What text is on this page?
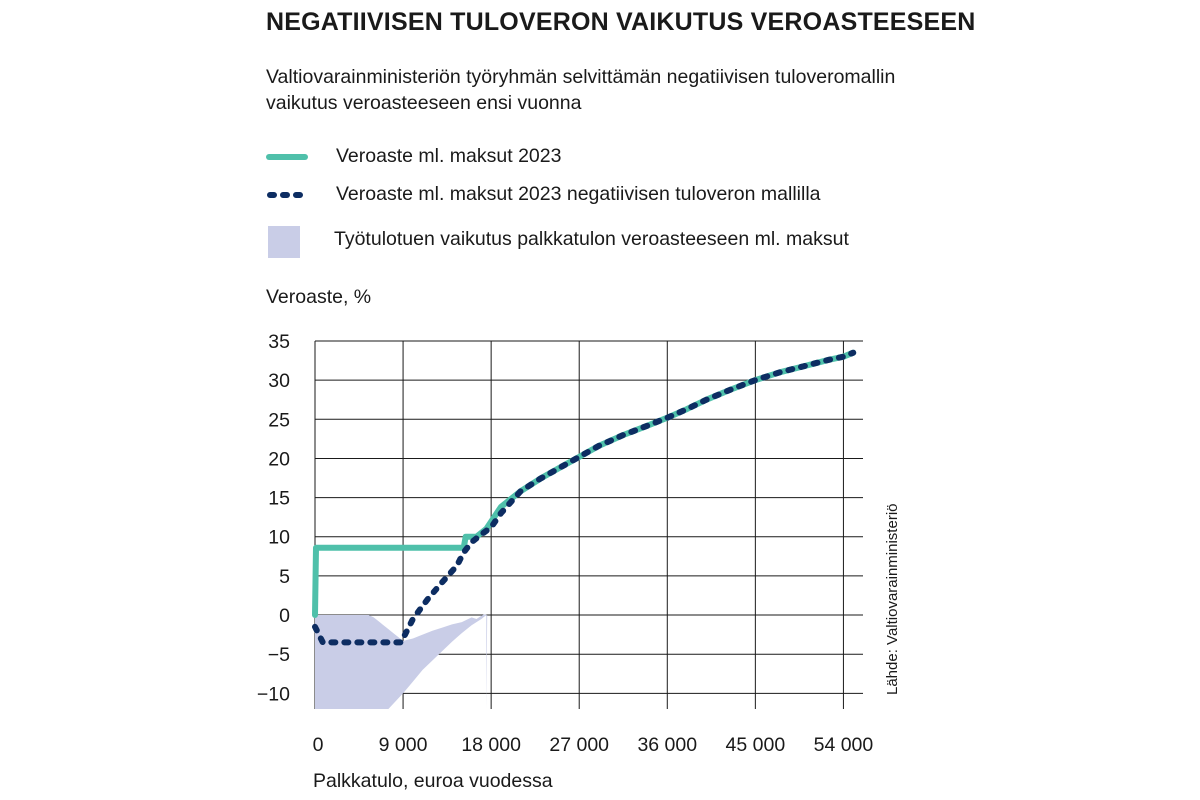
NEGATIIVISEN TULOVERON VAIKUTUS VEROASTEESEEN

Valtiovarainministeriön työryhmän selvittämän negatiivisen tuloveromallin vaikutus veroasteeseen ensi vuonna

Veroaste ml. maksut 2023
Veroaste ml. maksut 2023 negatiivisen tuloveron mallilla
Työtulotuen vaikutus palkkatulon veroasteeseen ml. maksut
Veroaste, %
Palkkatulo, euroa vuodessa
Lähde: Valtiovarainministeriö
35
30
25
20
15
10
5
0
−5
−10
0	9 000 18 000 27 000 36 000 45 000 54 000
